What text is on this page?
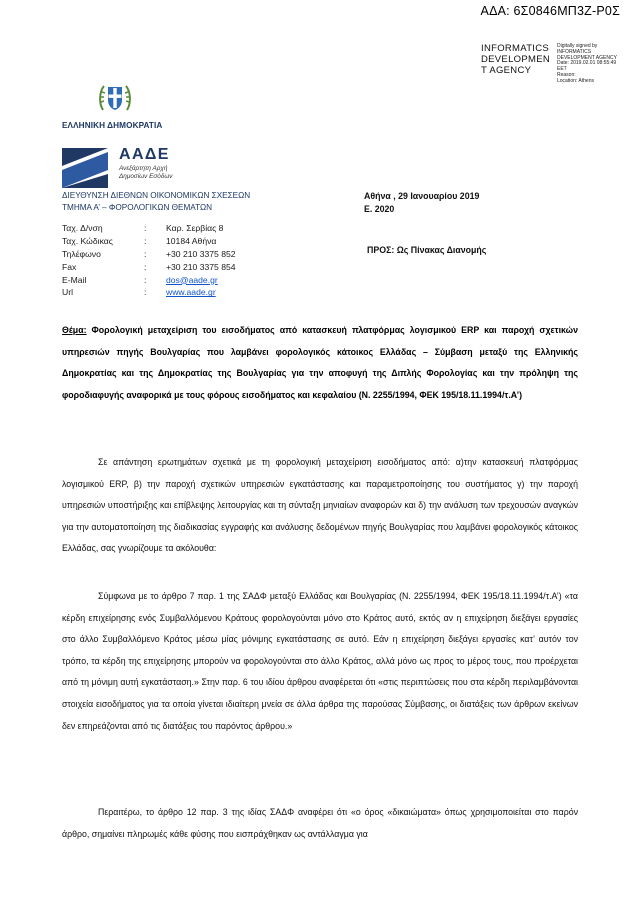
ΑΔΑ: 6Σ0846ΜΠ3Ζ-Ρ0Σ
INFORMATICS
DEVELOPMEN
T AGENCY
Digitally signed by
INFORMATICS
DEVELOPMENT AGENCY
Date: 2019.02.01 08:55:49
EET
Reason:
Location: Athens
ΕΛΛΗΝΙΚΗ ΔΗΜΟΚΡΑΤΙΑ
ΑΑΔΕ
Ανεξάρτητη Αρχή
Δημοσίων Εσόδων
ΔΙΕΥΘΥΝΣΗ ΔΙΕΘΝΩΝ ΟΙΚΟΝΟΜΙΚΩΝ ΣΧΕΣΕΩΝ
ΤΜΗΜΑ Α’ – ΦΟΡΟΛΟΓΙΚΩΝ ΘΕΜΑΤΩΝ
Ταχ. Δ/νση	: Καρ. Σερβίας 8
Ταχ. Κώδικας	: 10184 Αθήνα
Τηλέφωνο	: +30 210 3375 852
Fax	: +30 210 3375 854
E-Mail	: dos@aade.gr
Url	: www.aade.gr
Αθήνα , 29 Ιανουαρίου 2019
Ε. 2020
ΠΡΟΣ: Ως Πίνακας Διανομής
Θέμα: Φορολογική μεταχείριση του εισοδήματος από κατασκευή πλατφόρμας λογισμικού ERP και παροχή σχετικών υπηρεσιών πηγής Βουλγαρίας που λαμβάνει φορολογικός κάτοικος Ελλάδας – Σύμβαση μεταξύ της Ελληνικής Δημοκρατίας και της Δημοκρατίας της Βουλγαρίας για την αποφυγή της Διπλής Φορολογίας και την πρόληψη της φοροδιαφυγής αναφορικά με τους φόρους εισοδήματος και κεφαλαίου (Ν. 2255/1994, ΦΕΚ 195/18.11.1994/τ.Α’)
Σε απάντηση ερωτημάτων σχετικά με τη φορολογική μεταχείριση εισοδήματος από: α)την κατασκευή πλατφόρμας λογισμικού ERP, β) την παροχή σχετικών υπηρεσιών εγκατάστασης και παραμετροποίησης του συστήματος γ) την παροχή υπηρεσιών υποστήριξης και επίβλεψης λειτουργίας και τη σύνταξη μηνιαίων αναφορών και δ) την ανάλυση των τρεχουσών αναγκών για την αυτοματοποίηση της διαδικασίας εγγραφής και ανάλυσης δεδομένων πηγής Βουλγαρίας που λαμβάνει φορολογικός κάτοικος Ελλάδας, σας γνωρίζουμε τα ακόλουθα:
Σύμφωνα με το άρθρο 7 παρ. 1 της ΣΑΔΦ μεταξύ Ελλάδας και Βουλγαρίας (Ν. 2255/1994, ΦΕΚ 195/18.11.1994/τ.Α’) «τα κέρδη επιχείρησης ενός Συμβαλλόμενου Κράτους φορολογούνται μόνο στο Κράτος αυτό, εκτός αν η επιχείρηση διεξάγει εργασίες στο άλλο Συμβαλλόμενο Κράτος μέσω μίας μόνιμης εγκατάστασης σε αυτό. Εάν η επιχείρηση διεξάγει εργασίες κατ’ αυτόν τον τρόπο, τα κέρδη της επιχείρησης μπορούν να φορολογούνται στο άλλο Κράτος, αλλά μόνο ως προς το μέρος τους, που προέρχεται από τη μόνιμη αυτή εγκατάσταση.» Στην παρ. 6 του ιδίου άρθρου αναφέρεται ότι «στις περιπτώσεις που στα κέρδη περιλαμβάνονται στοιχεία εισοδήματος για τα οποία γίνεται ιδιαίτερη μνεία σε άλλα άρθρα της παρούσας Σύμβασης, οι διατάξεις των άρθρων εκείνων δεν επηρεάζονται από τις διατάξεις του παρόντος άρθρου.»
Περαιτέρω, το άρθρο 12 παρ. 3 της ιδίας ΣΑΔΦ αναφέρει ότι «ο όρος «δικαιώματα» όπως χρησιμοποιείται στο παρόν άρθρο, σημαίνει πληρωμές κάθε φύσης που εισπράχθηκαν ως αντάλλαγμα για
